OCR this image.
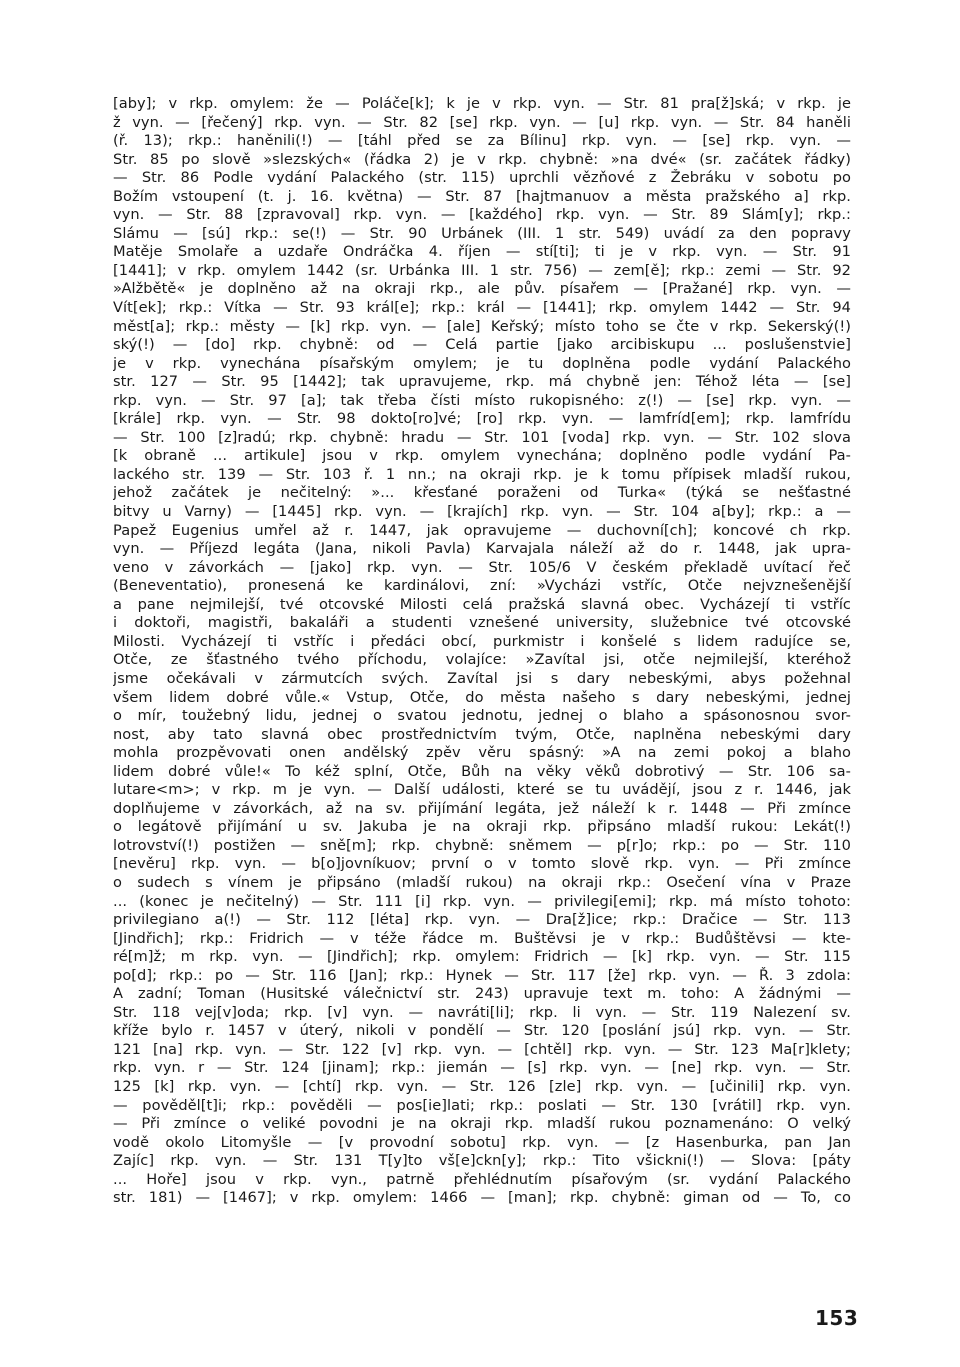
[aby]; v rkp. omylem: že — Poláče[k]; k je v rkp. vyn. — Str. 81 pra[ž]ská; v rkp. je
ž vyn. — [řečený] rkp. vyn. — Str. 82 [se] rkp. vyn. — [u] rkp. vyn. — Str. 84 haněli
(ř. 13); rkp.: haněnili(!) — [táhl před se za Bílinu] rkp. vyn. — [se] rkp. vyn. —
Str. 85 po slově »slezských« (řádka 2) je v rkp. chybně: »na dvé« (sr. začátek řádky)
— Str. 86 Podle vydání Palackého (str. 115) uprchli vězňové z Žebráku v sobotu po
Božím vstoupení (t. j. 16. května) — Str. 87 [hajtmanuov a města pražského a] rkp.
vyn. — Str. 88 [zpravoval] rkp. vyn. — [každého] rkp. vyn. — Str. 89 Slám[y]; rkp.:
Slámu — [sú] rkp.: se(!) — Str. 90 Urbánek (III. 1 str. 549) uvádí za den popravy
Matěje Smolaře a uzdaře Ondráčka 4. říjen — stí[ti]; ti je v rkp. vyn. — Str. 91
[1441]; v rkp. omylem 1442 (sr. Urbánka III. 1 str. 756) — zem[ě]; rkp.: zemi — Str. 92
»Alžbětě« je doplněno až na okraji rkp., ale pův. písařem — [Pražané] rkp. vyn. —
Vít[ek]; rkp.: Vítka — Str. 93 král[e]; rkp.: král — [1441]; rkp. omylem 1442 — Str. 94
měst[a]; rkp.: městy — [k] rkp. vyn. — [ale] Keřský; místo toho se čte v rkp. Sekerský(!)
ský(!) — [do] rkp. chybně: od — Celá partie [jako arcibiskupu ... poslušenstvie]
je v rkp. vynechána písařským omylem; je tu doplněna podle vydání Palackého
str. 127 — Str. 95 [1442]; tak upravujeme, rkp. má chybně jen: Téhož léta — [se]
rkp. vyn. — Str. 97 [a]; tak třeba čísti místo rukopisného: z(!) — [se] rkp. vyn. —
[krále] rkp. vyn. — Str. 98 dokto[ro]vé; [ro] rkp. vyn. — lamfríd[em]; rkp. lamfrídu
— Str. 100 [z]radú; rkp. chybně: hradu — Str. 101 [voda] rkp. vyn. — Str. 102 slova
[k obraně ... artikule] jsou v rkp. omylem vynechána; doplněno podle vydání Pa-
lackého str. 139 — Str. 103 ř. 1 nn.; na okraji rkp. je k tomu přípisek mladší rukou,
jehož začátek je nečitelný: »... křesťané poraženi od Turka« (týká se nešťastné
bitvy u Varny) — [1445] rkp. vyn. — [krajích] rkp. vyn. — Str. 104 a[by]; rkp.: a —
Papež Eugenius umřel až r. 1447, jak opravujeme — duchovní[ch]; koncové ch rkp.
vyn. — Příjezd legáta (Jana, nikoli Pavla) Karvajala náleží až do r. 1448, jak upra-
veno v závorkách — [jako] rkp. vyn. — Str. 105/6 V českém překladě uvítací řeč
(Beneventatio), pronesená ke kardinálovi, zní: »Vycházi vstříc, Otče nejvznešenější
a pane nejmilejší, tvé otcovské Milosti celá pražská slavná obec. Vycházejí ti vstříc
i doktoři, magistři, bakaláři a studenti vznešené university, služebnice tvé otcovské
Milosti. Vycházejí ti vstříc i předáci obcí, purkmistr i konšelé s lidem radujíce se,
Otče, ze šťastného tvého příchodu, volajíce: »Zavítal jsi, otče nejmilejší, kteréhož
jsme očekávali v zármutcích svých. Zavítal jsi s dary nebeskými, abys požehnal
všem lidem dobré vůle.« Vstup, Otče, do města našeho s dary nebeskými, jednej
o mír, toužebný lidu, jednej o svatou jednotu, jednej o blaho a spásonosnou svor-
nost, aby tato slavná obec prostřednictvím tvým, Otče, naplněna nebeskými dary
mohla prozpěvovati onen andělský zpěv věru spásný: »A na zemi pokoj a blaho
lidem dobré vůle!« To kéž splní, Otče, Bůh na věky věků dobrotivý — Str. 106 sa-
lutare<m>; v rkp. m je vyn. — Další události, které se tu uvádějí, jsou z r. 1446, jak
doplňujeme v závorkách, až na sv. přijímání legáta, jež náleží k r. 1448 — Při zmínce
o legátově přijímání u sv. Jakuba je na okraji rkp. připsáno mladší rukou: Lekát(!)
lotrovství(!) postižen — sně[m]; rkp. chybně: sněmem — p[r]o; rkp.: po — Str. 110
[nevěru] rkp. vyn. — b[o]jovníkuov; první o v tomto slově rkp. vyn. — Při zmínce
o sudech s vínem je připsáno (mladší rukou) na okraji rkp.: Osečení vína v Praze
... (konec je nečitelný) — Str. 111 [i] rkp. vyn. — privilegi[emi]; rkp. má místo tohoto:
privilegiano a(!) — Str. 112 [léta] rkp. vyn. — Dra[ž]ice; rkp.: Dračice — Str. 113
[Jindřich]; rkp.: Fridrich — v téže řádce m. Buštěvsi je v rkp.: Budůštěvsi — kte-
ré[m]ž; m rkp. vyn. — [Jindřich]; rkp. omylem: Fridrich — [k] rkp. vyn. — Str. 115
po[d]; rkp.: po — Str. 116 [Jan]; rkp.: Hynek — Str. 117 [že] rkp. vyn. — Ř. 3 zdola:
A zadní; Toman (Husitské válečnictví str. 243) upravuje text m. toho: A žádnými —
Str. 118 vej[v]oda; rkp. [v] vyn. — navráti[li]; rkp. li vyn. — Str. 119 Nalezení sv.
kříže bylo r. 1457 v úterý, nikoli v pondělí — Str. 120 [poslání jsú] rkp. vyn. — Str.
121 [na] rkp. vyn. — Str. 122 [v] rkp. vyn. — [chtěl] rkp. vyn. — Str. 123 Ma[r]klety;
rkp. vyn. r — Str. 124 [jinam]; rkp.: jiemán — [s] rkp. vyn. — [ne] rkp. vyn. — Str.
125 [k] rkp. vyn. — [chtí] rkp. vyn. — Str. 126 [zle] rkp. vyn. — [učinili] rkp. vyn.
— pověděl[t]i; rkp.: pověděli — pos[ie]lati; rkp.: poslati — Str. 130 [vrátil] rkp. vyn.
— Při zmínce o veliké povodni je na okraji rkp. mladší rukou poznamenáno: O velký
vodě okolo Litomyšle — [v provodní sobotu] rkp. vyn. — [z Hasenburka, pan Jan
Zajíc] rkp. vyn. — Str. 131 T[y]to vš[e]ckn[y]; rkp.: Tito všickni(!) — Slova: [páty
... Hoře] jsou v rkp. vyn., patrně přehlédnutím písařovým (sr. vydání Palackého
str. 181) — [1467]; v rkp. omylem: 1466 — [man]; rkp. chybně: giman od — To, co
153
